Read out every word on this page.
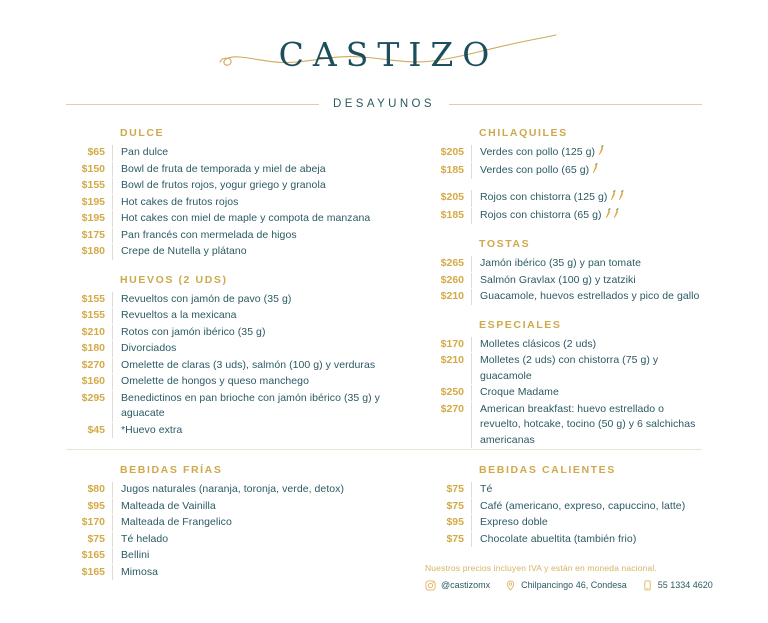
CASTIZO
DESAYUNOS
DULCE
$65	Pan dulce
$150	Bowl de fruta de temporada y miel de abeja
$155	Bowl de frutos rojos, yogur griego y granola
$195	Hot cakes de frutos rojos
$195	Hot cakes con miel de maple y compota de manzana
$175	Pan francés con mermelada de higos
$180	Crepe de Nutella y plátano
HUEVOS (2 UDS)
$155	Revueltos con jamón de pavo (35 g)
$155	Revueltos a la mexicana
$210	Rotos con jamón ibérico (35 g)
$180	Divorciados
$270	Omelette de claras (3 uds), salmón (100 g) y verduras
$160	Omelette de hongos y queso manchego
$295	Benedictinos en pan brioche con jamón ibérico (35 g) y aguacate
$45	*Huevo extra
CHILAQUILES
$205	Verdes con pollo (125 g)
$185	Verdes con pollo (65 g)
$205	Rojos con chistorra (125 g)
$185	Rojos con chistorra (65 g)
TOSTAS
$265	Jamón ibérico (35 g) y pan tomate
$260	Salmón Gravlax (100 g) y tzatziki
$210	Guacamole, huevos estrellados y pico de gallo
ESPECIALES
$170	Molletes clásicos (2 uds)
$210	Molletes (2 uds) con chistorra (75 g) y guacamole
$250	Croque Madame
$270	American breakfast: huevo estrellado o revuelto, hotcake, tocino (50 g) y 6 salchichas americanas
BEBIDAS FRÍAS
$80	Jugos naturales (naranja, toronja, verde, detox)
$95	Malteada de Vainilla
$170	Malteada de Frangelico
$75	Té helado
$165	Bellini
$165	Mimosa
BEBIDAS CALIENTES
$75	Té
$75	Café (americano, expreso, capuccino, latte)
$95	Expreso doble
$75	Chocolate abueltita (también frio)
Nuestros precios incluyen IVA y están en moneda nacional.
@castizomx	Chilpancingo 46, Condesa	55 1334 4620
